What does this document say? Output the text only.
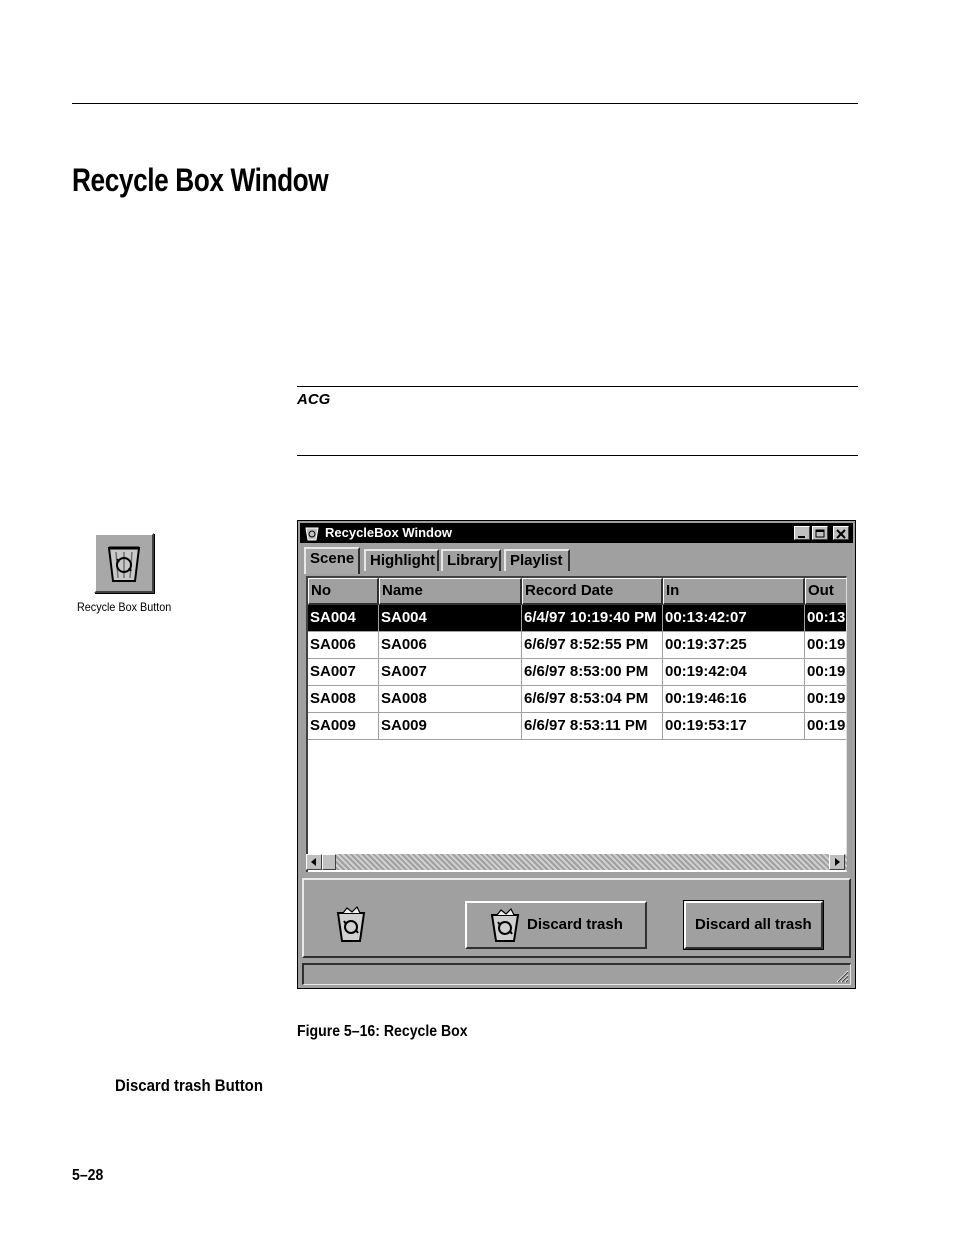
Recycle Box Window
ACG
Recycle Box Button
RecycleBox Window
Scene	Highlight Library Playlist
No	Name	Record Date	In	Out
SA004	SA004	6/4/97 10:19:40 PM 00:13:42:07	00:13
SA006	SA006	6/6/97 8:52:55 PM	00:19:37:25	00:19
SA007	SA007	6/6/97 8:53:00 PM	00:19:42:04	00:19
SA008	SA008	6/6/97 8:53:04 PM	00:19:46:16	00:19
SA009	SA009	6/6/97 8:53:11 PM	00:19:53:17	00:19
Discard trash	Discard all trash
Figure 5–16: Recycle Box
Discard trash Button
5–28
